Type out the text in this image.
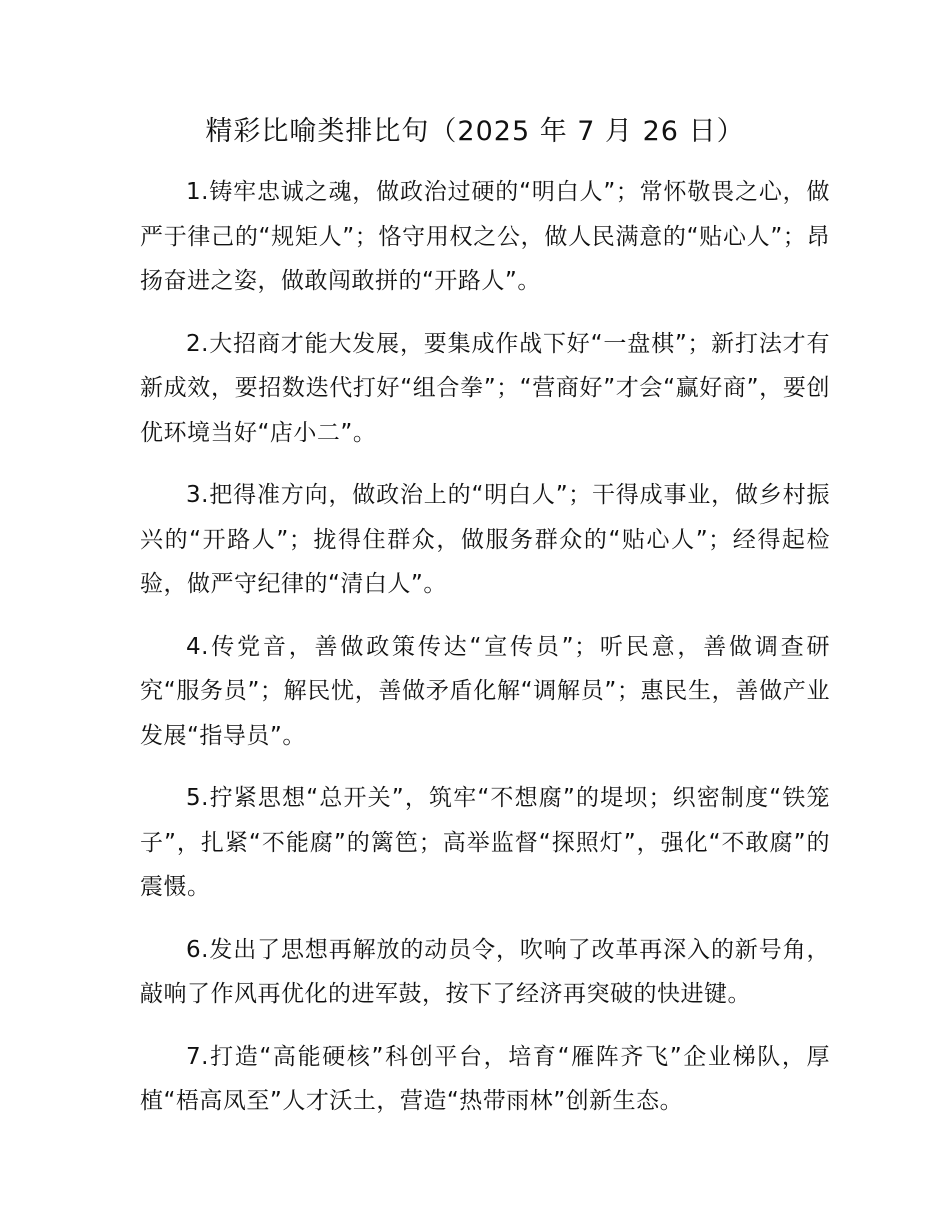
精彩比喻类排比句（2025 年 7 月 26 日）

1.铸牢忠诚之魂，做政治过硬的“明白人”；常怀敬畏之心，做严于律己的“规矩人”；恪守用权之公，做人民满意的“贴心人”；昂扬奋进之姿，做敢闯敢拼的“开路人”。

2.大招商才能大发展，要集成作战下好“一盘棋”；新打法才有新成效，要招数迭代打好“组合拳”；“营商好”才会“赢好商”，要创优环境当好“店小二”。

3.把得准方向，做政治上的“明白人”；干得成事业，做乡村振兴的“开路人”；拢得住群众，做服务群众的“贴心人”；经得起检验，做严守纪律的“清白人”。

4.传党音，善做政策传达“宣传员”；听民意，善做调查研究“服务员”；解民忧，善做矛盾化解“调解员”；惠民生，善做产业发展“指导员”。

5.拧紧思想“总开关”，筑牢“不想腐”的堤坝；织密制度“铁笼子”，扎紧“不能腐”的篱笆；高举监督“探照灯”，强化“不敢腐”的震慑。

6.发出了思想再解放的动员令，吹响了改革再深入的新号角，敲响了作风再优化的进军鼓，按下了经济再突破的快进键。

7.打造“高能硬核”科创平台，培育“雁阵齐飞”企业梯队，厚植“梧高凤至”人才沃土，营造“热带雨林”创新生态。
